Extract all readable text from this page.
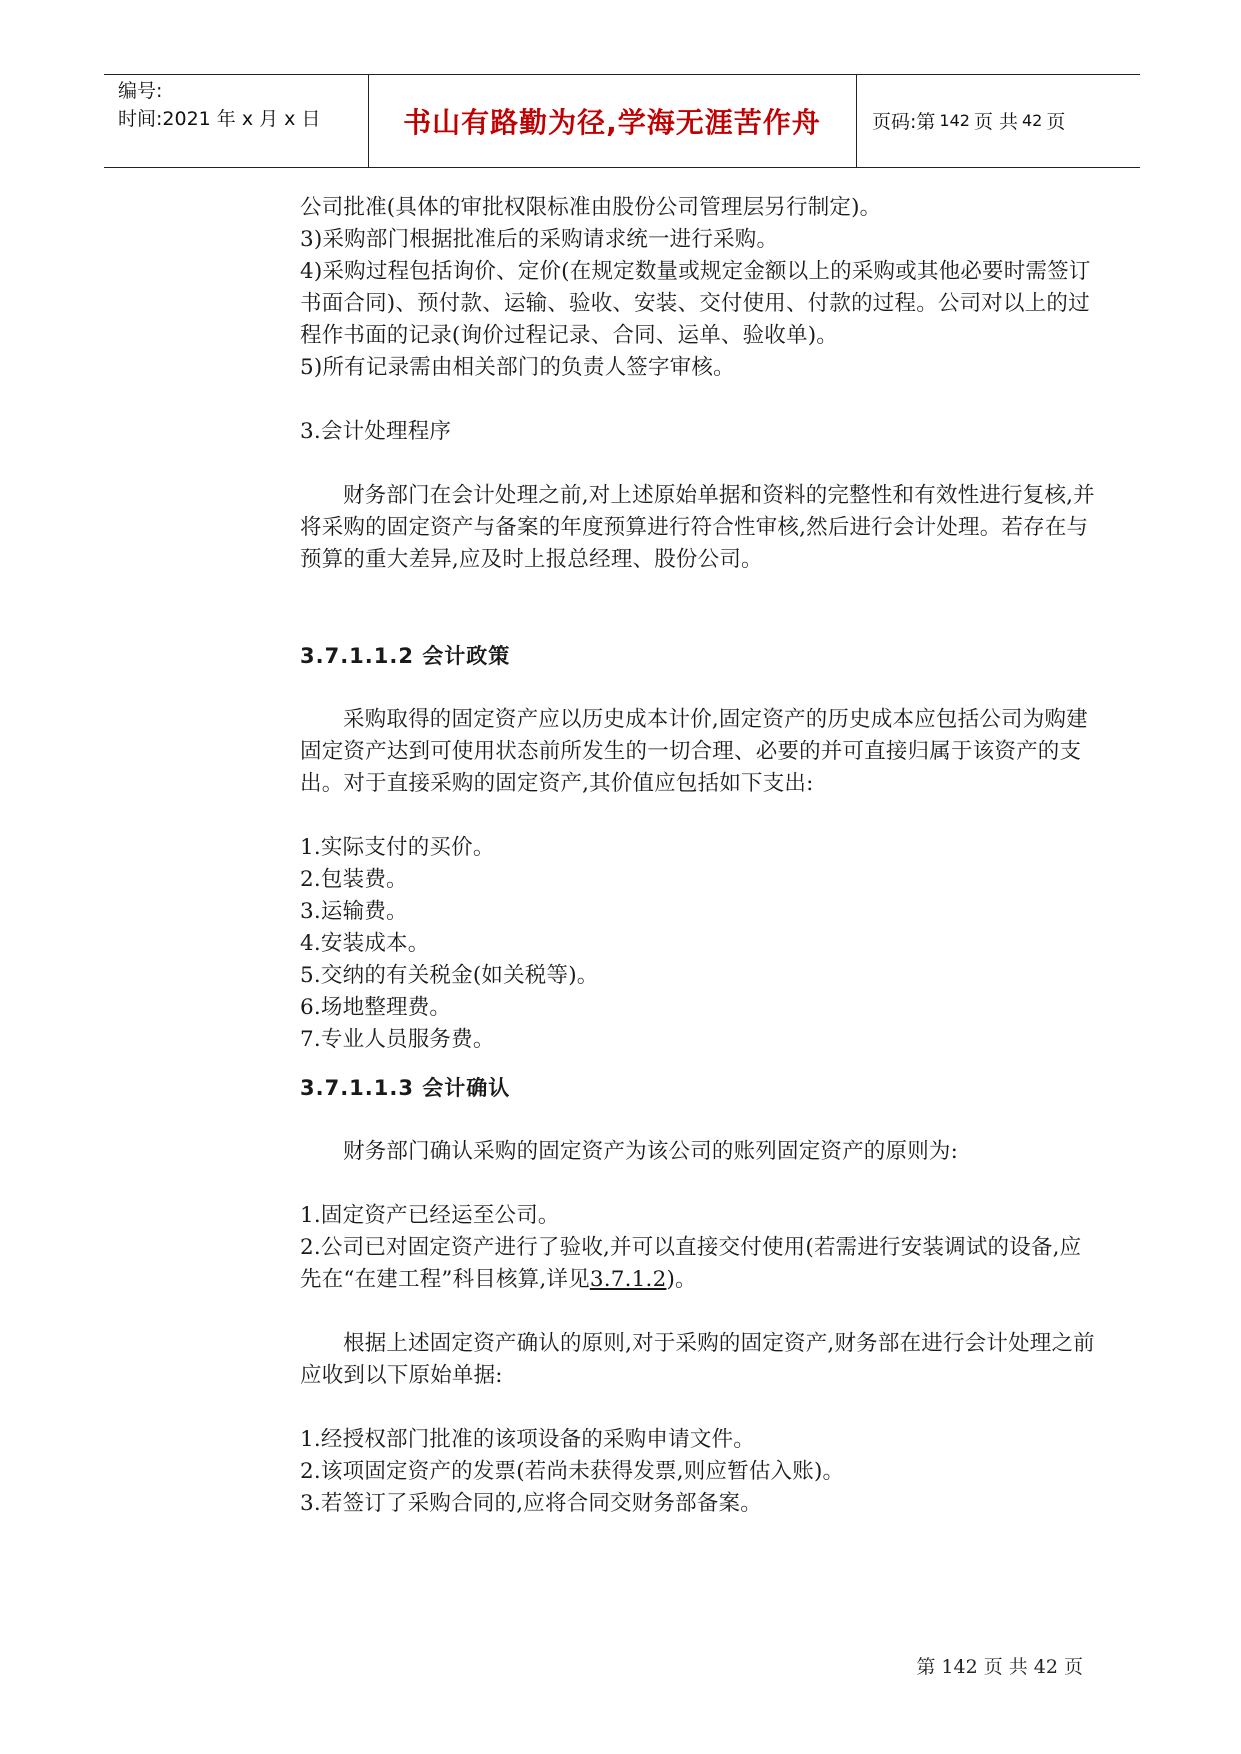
编号:
时间:2021 年 x 月 x 日	书山有路勤为径,学海无涯苦作舟	页码:第 142 页 共 42 页

公司批准(具体的审批权限标准由股份公司管理层另行制定)。

3)采购部门根据批准后的采购请求统一进行采购。

4)采购过程包括询价、定价(在规定数量或规定金额以上的采购或其他必要时需签订书面合同)、预付款、运输、验收、安装、交付使用、付款的过程。公司对以上的过程作书面的记录(询价过程记录、合同、运单、验收单)。

5)所有记录需由相关部门的负责人签字审核。

3.会计处理程序

财务部门在会计处理之前,对上述原始单据和资料的完整性和有效性进行复核,并将采购的固定资产与备案的年度预算进行符合性审核,然后进行会计处理。若存在与预算的重大差异,应及时上报总经理、股份公司。

3.7.1.1.2 会计政策

采购取得的固定资产应以历史成本计价,固定资产的历史成本应包括公司为购建固定资产达到可使用状态前所发生的一切合理、必要的并可直接归属于该资产的支出。对于直接采购的固定资产,其价值应包括如下支出:

1.实际支付的买价。

2.包装费。

3.运输费。

4.安装成本。

5.交纳的有关税金(如关税等)。

6.场地整理费。

7.专业人员服务费。

3.7.1.1.3 会计确认

财务部门确认采购的固定资产为该公司的账列固定资产的原则为:

1.固定资产已经运至公司。

2.公司已对固定资产进行了验收,并可以直接交付使用(若需进行安装调试的设备,应先在“在建工程”科目核算,详见3.7.1.2)。

根据上述固定资产确认的原则,对于采购的固定资产,财务部在进行会计处理之前应收到以下原始单据:

1.经授权部门批准的该项设备的采购申请文件。

2.该项固定资产的发票(若尚未获得发票,则应暂估入账)。

3.若签订了采购合同的,应将合同交财务部备案。

第 142 页 共 42 页
